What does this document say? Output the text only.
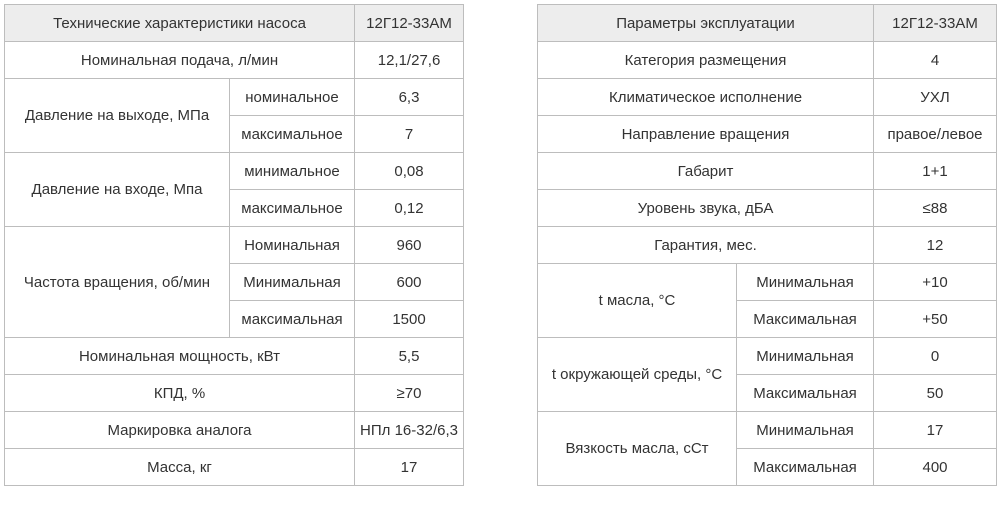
Технические характеристики насоса		12Г12-33АМ
Номинальная подача, л/мин		12,1/27,6
Давление на выходе, МПа	номинальное	6,3
	максимальное	7
Давление на входе, Мпа	минимальное	0,08
	максимальное	0,12
Частота вращения, об/мин	Номинальная	960
	Минимальная	600
	максимальная	1500
Номинальная мощность, кВт		5,5
КПД, %		≥70
Маркировка аналога		НПл 16-32/6,3
Масса, кг		17
Параметры эксплуатации		12Г12-33АМ
Категория размещения		4
Климатическое исполнение		УХЛ
Направление вращения		правое/левое
Габарит		1+1
Уровень звука, дБА		≤88
Гарантия, мес.		12
t масла, °С	Минимальная	+10
	Максимальная	+50
t окружающей среды, °С	Минимальная	0
	Максимальная	50
Вязкость масла, сСт	Минимальная	17
	Максимальная	400
